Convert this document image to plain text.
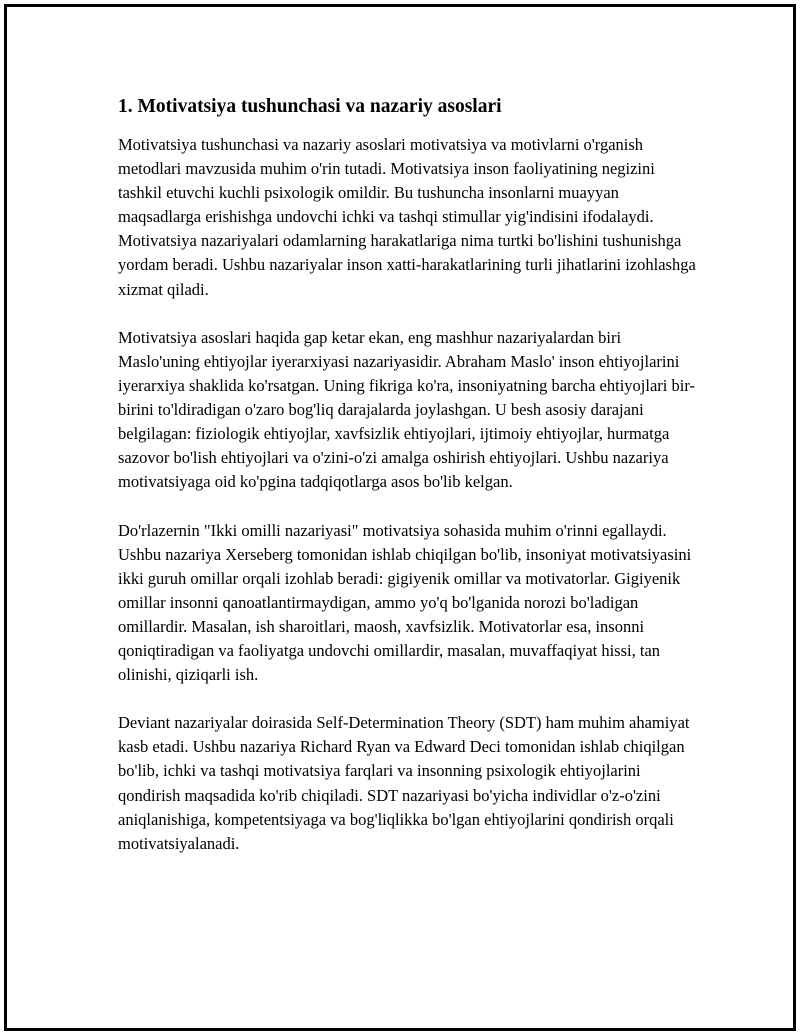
1. Motivatsiya tushunchasi va nazariy asoslari

Motivatsiya tushunchasi va nazariy asoslari motivatsiya va motivlarni o'rganish metodlari mavzusida muhim o'rin tutadi. Motivatsiya inson faoliyatining negizini tashkil etuvchi kuchli psixologik omildir. Bu tushuncha insonlarni muayyan maqsadlarga erishishga undovchi ichki va tashqi stimullar yig'indisini ifodalaydi. Motivatsiya nazariyalari odamlarning harakatlariga nima turtki bo'lishini tushunishga yordam beradi. Ushbu nazariyalar inson xatti-harakatlarining turli jihatlarini izohlashga xizmat qiladi.

Motivatsiya asoslari haqida gap ketar ekan, eng mashhur nazariyalardan biri Maslo'uning ehtiyojlar iyerarxiyasi nazariyasidir. Abraham Maslo' inson ehtiyojlarini iyerarxiya shaklida ko'rsatgan. Uning fikriga ko'ra, insoniyatning barcha ehtiyojlari bir-birini to'ldiradigan o'zaro bog'liq darajalarda joylashgan. U besh asosiy darajani belgilagan: fiziologik ehtiyojlar, xavfsizlik ehtiyojlari, ijtimoiy ehtiyojlar, hurmatga sazovor bo'lish ehtiyojlari va o'zini-o'zi amalga oshirish ehtiyojlari. Ushbu nazariya motivatsiyaga oid ko'pgina tadqiqotlarga asos bo'lib kelgan.

Do'rlazernin "Ikki omilli nazariyasi" motivatsiya sohasida muhim o'rinni egallaydi. Ushbu nazariya Xerseberg tomonidan ishlab chiqilgan bo'lib, insoniyat motivatsiyasini ikki guruh omillar orqali izohlab beradi: gigiyenik omillar va motivatorlar. Gigiyenik omillar insonni qanoatlantirmaydigan, ammo yo'q bo'lganida norozi bo'ladigan omillardir. Masalan, ish sharoitlari, maosh, xavfsizlik. Motivatorlar esa, insonni qoniqtiradigan va faoliyatga undovchi omillardir, masalan, muvaffaqiyat hissi, tan olinishi, qiziqarli ish.

Deviant nazariyalar doirasida Self-Determination Theory (SDT) ham muhim ahamiyat kasb etadi. Ushbu nazariya Richard Ryan va Edward Deci tomonidan ishlab chiqilgan bo'lib, ichki va tashqi motivatsiya farqlari va insonning psixologik ehtiyojlarini qondirish maqsadida ko'rib chiqiladi. SDT nazariyasi bo'yicha individlar o'z-o'zini aniqlanishiga, kompetentsiyaga va bog'liqlikka bo'lgan ehtiyojlarini qondirish orqali motivatsiyalanadi.
